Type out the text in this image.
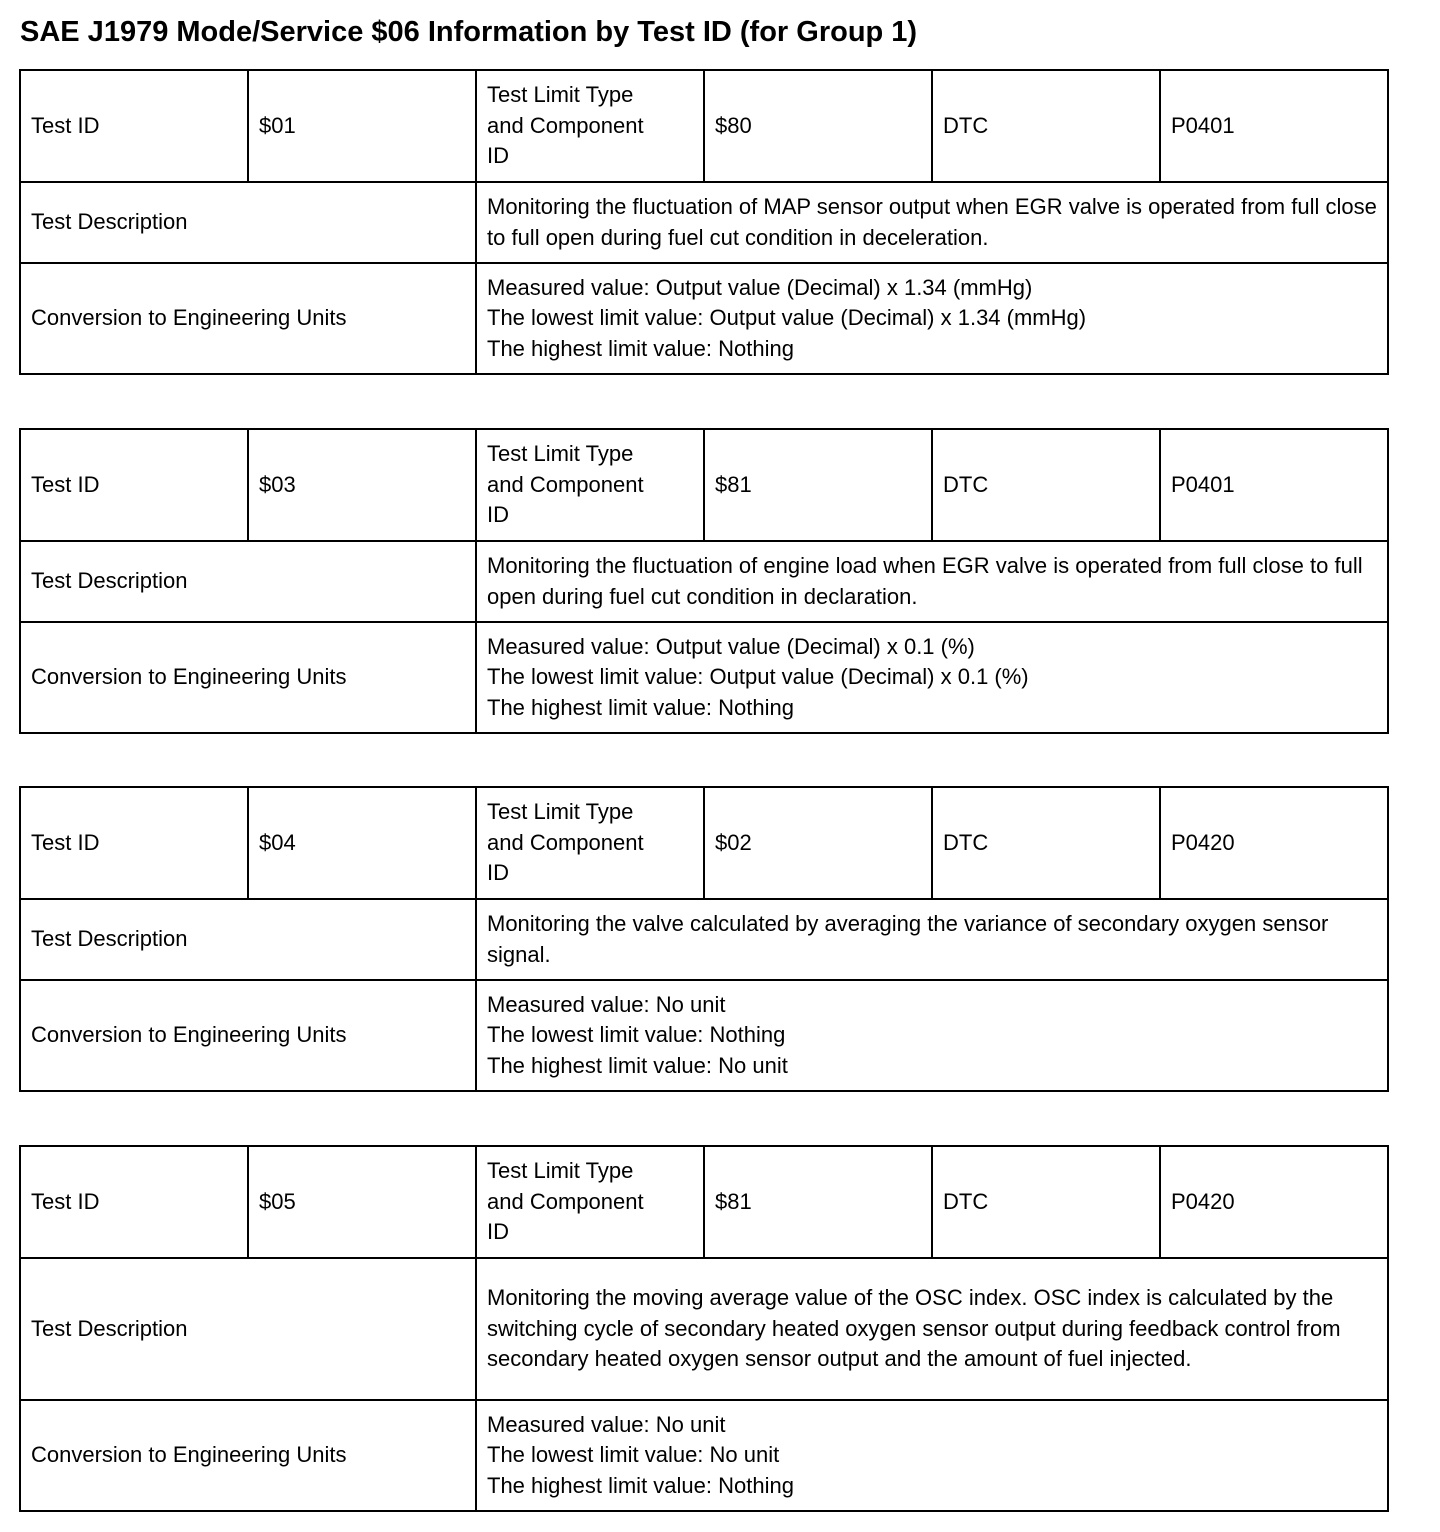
SAE J1979 Mode/Service $06 Information by Test ID (for Group 1)
Test ID	$01	Test Limit Type
and Component
ID	$80	DTC	P0401
Test Description		Monitoring the fluctuation of MAP sensor output when EGR valve is operated from full close to full open during fuel cut condition in deceleration.			
Conversion to Engineering Units		Measured value: Output value (Decimal) x 1.34 (mmHg)
The lowest limit value: Output value (Decimal) x 1.34 (mmHg)
The highest limit value: Nothing			
Test ID	$03	Test Limit Type
and Component
ID	$81	DTC	P0401
Test Description		Monitoring the fluctuation of engine load when EGR valve is operated from full close to full open during fuel cut condition in declaration.			
Conversion to Engineering Units		Measured value: Output value (Decimal) x 0.1 (%)
The lowest limit value: Output value (Decimal) x 0.1 (%)
The highest limit value: Nothing			
Test ID	$04	Test Limit Type
and Component
ID	$02	DTC	P0420
Test Description		Monitoring the valve calculated by averaging the variance of secondary oxygen sensor signal.			
Conversion to Engineering Units		Measured value: No unit
The lowest limit value: Nothing
The highest limit value: No unit			
Test ID	$05	Test Limit Type
and Component
ID	$81	DTC	P0420
Test Description		Monitoring the moving average value of the OSC index. OSC index is calculated by the switching cycle of secondary heated oxygen sensor output during feedback control from secondary heated oxygen sensor output and the amount of fuel injected.			
Conversion to Engineering Units		Measured value: No unit
The lowest limit value: No unit
The highest limit value: Nothing			
